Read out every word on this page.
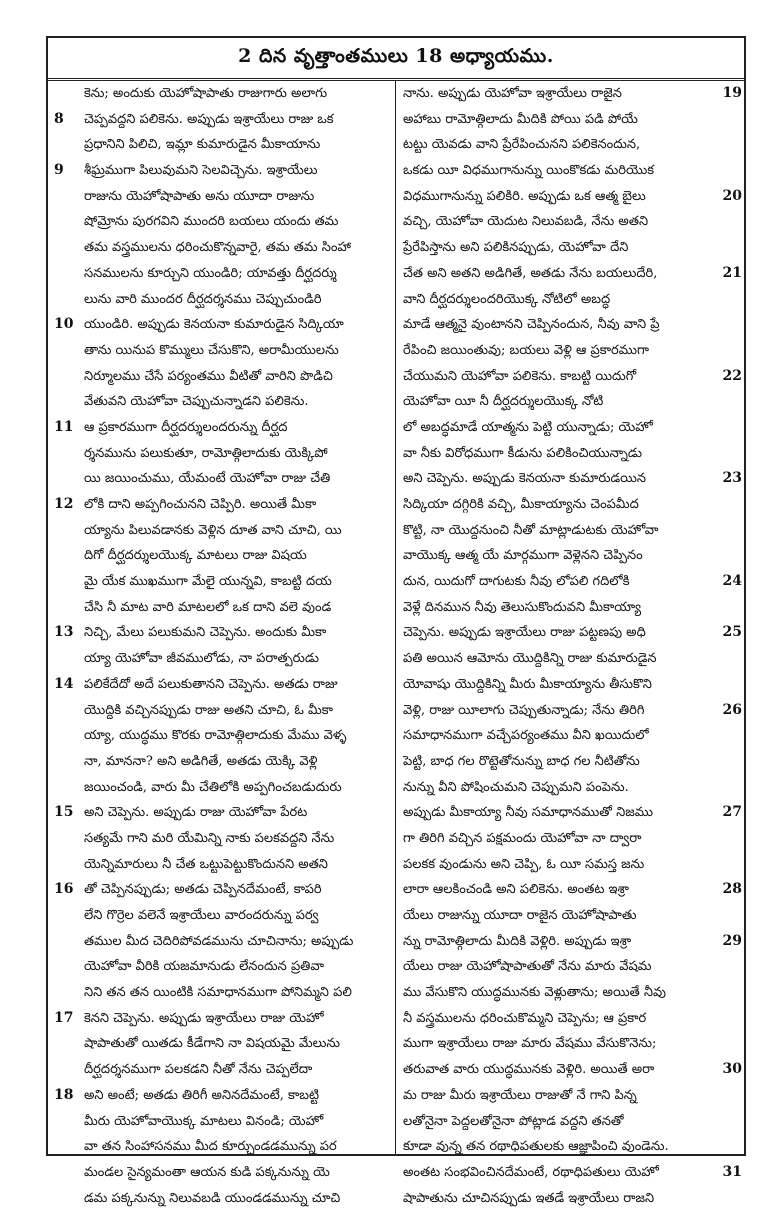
2 దిన వృత్తాంతములు 18 అధ్యాయము.
కెను; అందుకు యెహోషాపాతు రాజుగారు అలాగు
8 చెప్పవద్దని పలికెను. అప్పుడు ఇశ్రాయేలు రాజు ఒక
ప్రధానిని పిలిచి, ఇమ్లా కుమారుడైన మీకాయాను
9 శీఘ్రముగా పిలువుమని సెలవిచ్చెను. ఇశ్రాయేలు
రాజును యెహోషాపాతు అను యూదా రాజును
షోమ్రోను పురగవిని ముందరి బయలు యందు తమ
తమ వస్త్రములను ధరించుకొన్నవారై, తమ తమ సింహా
సనములను కూర్చుని యుండిరి; యావత్తు దీర్ఘదర్శు
లును వారి ముందర దీర్ఘదర్శనము చెప్పుచుండిరి
10 యుండిరి. అప్పుడు కెనయనా కుమారుడైన సిద్కియా
తాను యినుప కొమ్ములు చేసుకొని, అరామీయులను
నిర్మూలము చేసే పర్యంతము వీటితో వారిని పొడిచి
వేతువని యెహోవా చెప్పుచున్నాడని పలికెను.
11 ఆ ప్రకారముగా దీర్ఘదర్శులందరున్ను దీర్ఘద
ర్శనమును పలుకుతూ, రామోత్గిలాదుకు యెక్కిపో
యి జయించుము, యేమంటే యెహోవా రాజు చేతి
12 లోకి దాని అప్పగించునని చెప్పిరి. అయితే మీకా
య్యాను పిలువడానకు వెళ్లిన దూత వాని చూచి, యి
దిగో దీర్ఘదర్శులయొక్క మాటలు రాజు విషయ
మై యేక ముఖముగా మేలై యున్నవి, కాబట్టి దయ
చేసి నీ మాట వారి మాటలలో ఒక దాని వలె వుండ
13 నిచ్చి, మేలు పలుకుమని చెప్పెను. అందుకు మీకా
య్యా యెహోవా జీవములోడు, నా పరాత్పరుడు
14 పలికేదేదో అదే పలుకుతానని చెప్పెను. అతడు రాజు
యొద్దికి వచ్చినప్పుడు రాజు అతని చూచి, ఓ మీకా
య్యా, యుద్ధము కొరకు రామోత్గిలాదుకు మేము వెళ్ళ
నా, మాననా? అని అడిగితే, అతడు యెక్కి వెళ్లి
జయించండి, వారు మీ చేతిలోకి అప్పగించబడుదురు
15 అని చెప్పెను. అప్పుడు రాజు యెహోవా పేరట
సత్యమే గాని మరి యేమిన్ని నాకు పలకవద్దని నేను
యెన్నిమారులు నీ చేత ఒట్టుపెట్టుకొందునని అతని
16 తో చెప్పినప్పుడు; అతడు చెప్పినదేమంటే, కాపరి
లేని గొర్రెల వలెనే ఇశ్రాయేలు వారందరున్ను పర్వ
తముల మీద చెదిరిపోవడమును చూచినాను; అప్పుడు
యెహోవా వీరికి యజమానుడు లేనందున ప్రతివా
నిని తన తన యింటికి సమాధానముగా పోనిమ్మని పలి
17 కెనని చెప్పెను. అప్పుడు ఇశ్రాయేలు రాజు యెహో
షాపాతుతో యితడు కీడేగాని నా విషయమై మేలును
దీర్ఘదర్శనముగా పలకడని నీతో నేను చెప్పలేదా
18 అని అంటే; అతడు తిరిగీ అనినదేమంటే, కాబట్టి
మీరు యెహోవాయొక్క మాటలు వినండి; యెహో
వా తన సింహాసనము మీద కూర్చుండడమున్ను పర
మండల సైన్యమంతా ఆయన కుడి పక్కనున్ను యె
డమ పక్కనున్ను నిలువబడి యుండడమున్ను చూచి
19
నాను. అప్పుడు యెహోవా ఇశ్రాయేలు రాజైన
అహాబు రామోత్గిలాదు మీదికి పోయి పడి పోయే
టట్టు యెవడు వాని ప్రేరేపించునని పలికెనందున,
ఒకడు యీ విధముగానున్ను యింకొకడు మరియొక
20
విధముగానున్ను పలికిరి. అప్పుడు ఒక ఆత్మ బైలు
వచ్చి, యెహోవా యెదుట నిలువబడి, నేను అతని
ప్రేరేపిస్తాను అని పలికినప్పుడు, యెహోవా దేని
21
చేత అని అతని అడిగితే, అతడు నేను బయలుదేరి,
వాని దీర్ఘదర్శులందరియొక్క నోటిలో అబద్ధ
మాడే ఆత్మనై వుంటానని చెప్పినందున, నీవు వాని ప్రే
రేపించి జయింతువు; బయలు వెళ్లి ఆ ప్రకారముగా
22
చేయుమని యెహోవా పలికెను. కాబట్టి యిదుగో
యెహోవా యీ నీ దీర్ఘదర్శులయొక్క నోటి
లో అబద్ధమాడే యాత్మను పెట్టి యున్నాడు; యెహో
వా నీకు విరోధముగా కీడును పలికించియున్నాడు
23
అని చెప్పెను. అప్పుడు కెనయనా కుమారుడయిన
సిద్కియా దగ్గిరికి వచ్చి, మీకాయ్యాను చెంపమీద
కొట్టి, నా యొద్దనుంచి నీతో మాట్లాడుటకు యెహోవా
వాయొక్క ఆత్మ యే మార్గముగా వెళ్లెనని చెప్పినం
24
దున, యిదుగో దాగుటకు నీవు లోపలి గదిలోకి
వెళ్లే దినమున నీవు తెలుసుకొందువని మీకాయ్యా
25
చెప్పెను. అప్పుడు ఇశ్రాయేలు రాజు పట్టణపు అధి
పతి అయిన ఆమోను యొద్దికిన్ని రాజు కుమారుడైన
యోవాషు యొద్దికిన్ని మీరు మీకాయ్యాను తీసుకొని
26
వెళ్లి, రాజు యీలాగు చెప్పుతున్నాడు; నేను తిరిగి
సమాధానముగా వచ్చేపర్యంతము వీని ఖయిదులో
పెట్టి, బాధ గల రొట్టెతోనున్ను బాధ గల నీటితోను
నున్ను వీని పోషించుమని చెప్పుమని పంపెను.
27
అప్పుడు మీకాయ్యా నీవు సమాధానముతో నిజము
గా తిరిగి వచ్చిన పక్షమందు యెహోవా నా ద్వారా
పలకక వుండును అని చెప్పి, ఓ యీ సమస్త జను
28
లారా ఆలకించండి అని పలికెను. అంతట ఇశ్రా
యేలు రాజున్ను యూదా రాజైన యెహోషాపాతు
29
న్ను రామోత్గిలాదు మీదికి వెళ్లిరి. అప్పుడు ఇశ్రా
యేలు రాజు యెహోషాపాతుతో నేను మారు వేషమ
ము వేసుకొని యుద్ధమునకు వెళ్లుతాను; అయితే నీవు
నీ వస్త్రములను ధరించుకొమ్మని చెప్పెను; ఆ ప్రకార
ముగా ఇశ్రాయేలు రాజు మారు వేషము వేసుకొనెను;
30
తరువాత వారు యుద్ధమునకు వెళ్లిరి. అయితే అరా
మ రాజు మీరు ఇశ్రాయేలు రాజుతో నే గాని పిన్న
లతోనైనా పెద్దలతోనైనా పోట్లాడ వద్దని తనతో
కూడా వున్న తన రథాధిపతులకు ఆజ్ఞాపించి వుండెను.
31
అంతట సంభవించినదేమంటే, రథాధిపతులు యెహో
షాపాతును చూచినప్పుడు ఇతడే ఇశ్రాయేలు రాజని
